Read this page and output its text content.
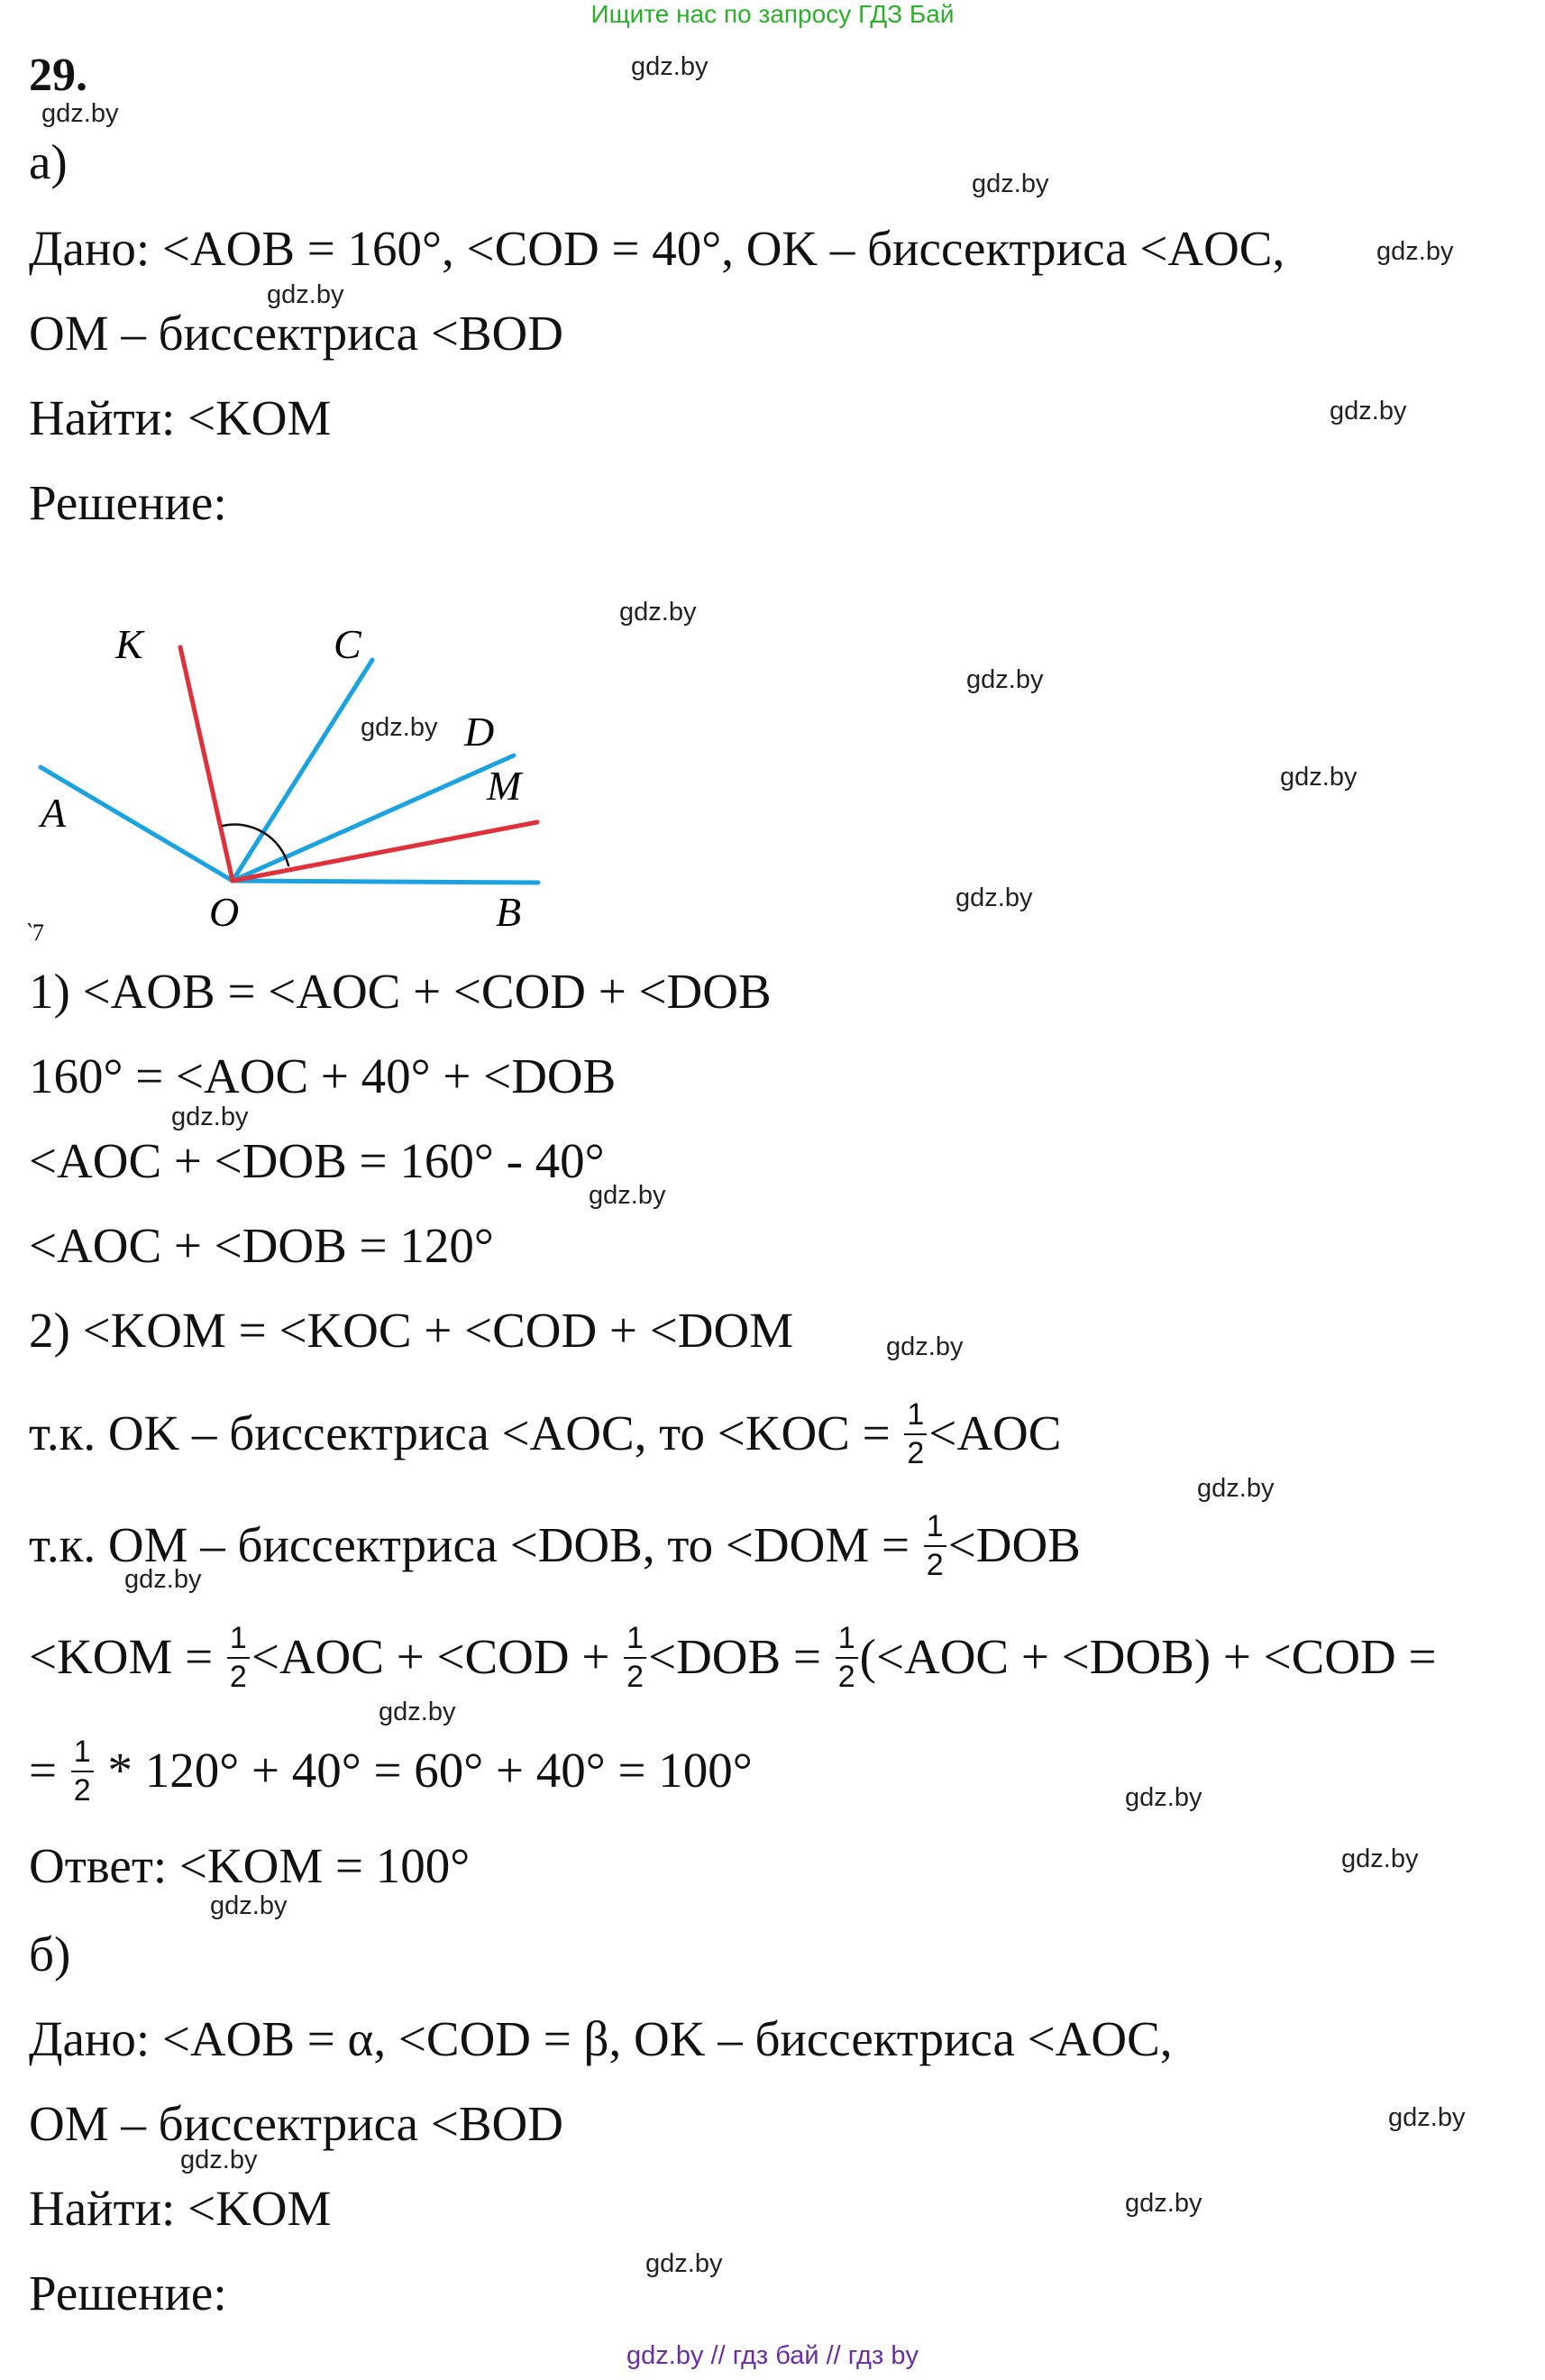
Ищите нас по запросу ГДЗ Бай
gdz.by
gdz.by
gdz.by
gdz.by
gdz.by
gdz.by
gdz.by
gdz.by
gdz.by
gdz.by
gdz.by
gdz.by
gdz.by
gdz.by
gdz.by
gdz.by
gdz.by
gdz.by
gdz.by
gdz.by
gdz.by
gdz.by
gdz.by
gdz.by
29.
а)
Дано: <AOB = 160°, <COD = 40°, OK – биссектриса <AOC,
OM – биссектриса <BOD
Найти: <KOM
Решение:
K	C
D
M
A
O	B
‵7
1) <AOB = <AOC + <COD + <DOB
160° = <AOC + 40° + <DOB
<AOC + <DOB = 160° - 40°
<AOC + <DOB = 120°
2) <KOM = <KOC + <COD + <DOM
т.к. OK – биссектриса <AOC, то $<KOC = \frac{1}{2} <AOC$
т.к. OM – биссектриса <DOB, то $<DOM = \frac{1}{2} <DOB$
$<KOM = \frac{1}{2} <AOC + <COD + \frac{1}{2} <DOB = \frac{1}{2} (<AOC + <DOB) + <COD$ =
= $\frac{1}{2} * 120^\circ + 40^\circ = 60^\circ + 40^\circ = 100^\circ$
Ответ: <KOM = 100°
б)
Дано: <AOB = α, <COD = β, OK – биссектриса <AOC,
OM – биссектриса <BOD
Найти: <KOM
Решение:
gdz.by // гдз бай // гдз by
